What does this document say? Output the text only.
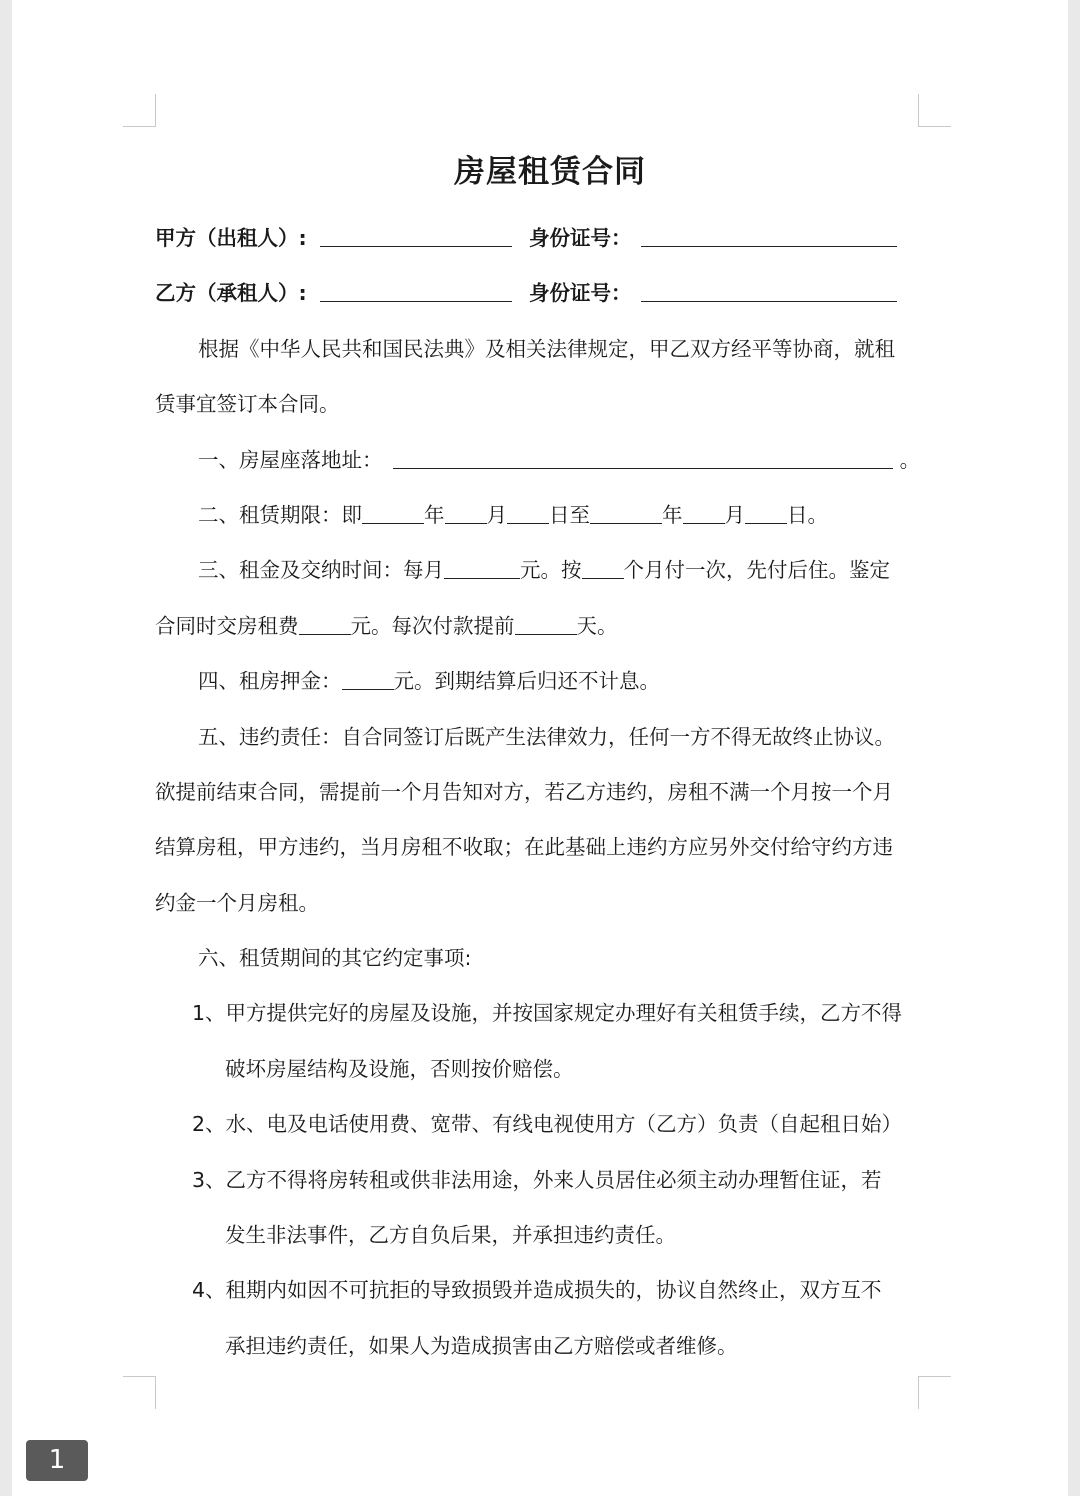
房屋租赁合同
甲方（出租人）:	身份证号：
乙方（承租人）:	身份证号：
根据《中华人民共和国民法典》及相关法律规定，甲乙双方经平等协商，就租
赁事宜签订本合同。
一、房屋座落地址：	。
二、租赁期限：即	年 月 日至	年 月 日。
三、租金及交纳时间：每月	元。按 个月付一次，先付后住。鉴定
合同时交房租费	元。每次付款提前	天。
四、租房押金：	元。到期结算后归还不计息。
五、违约责任：自合同签订后既产生法律效力，任何一方不得无故终止协议。
欲提前结束合同，需提前一个月告知对方，若乙方违约，房租不满一个月按一个月
结算房租，甲方违约，当月房租不收取；在此基础上违约方应另外交付给守约方违
约金一个月房租。
六、租赁期间的其它约定事项:
1、甲方提供完好的房屋及设施，并按国家规定办理好有关租赁手续，乙方不得
破坏房屋结构及设施，否则按价赔偿。
2、水、电及电话使用费、宽带、有线电视使用方（乙方）负责（自起租日始）
3、乙方不得将房转租或供非法用途，外来人员居住必须主动办理暂住证，若
发生非法事件，乙方自负后果，并承担违约责任。
4、租期内如因不可抗拒的导致损毁并造成损失的，协议自然终止，双方互不
承担违约责任，如果人为造成损害由乙方赔偿或者维修。
1
